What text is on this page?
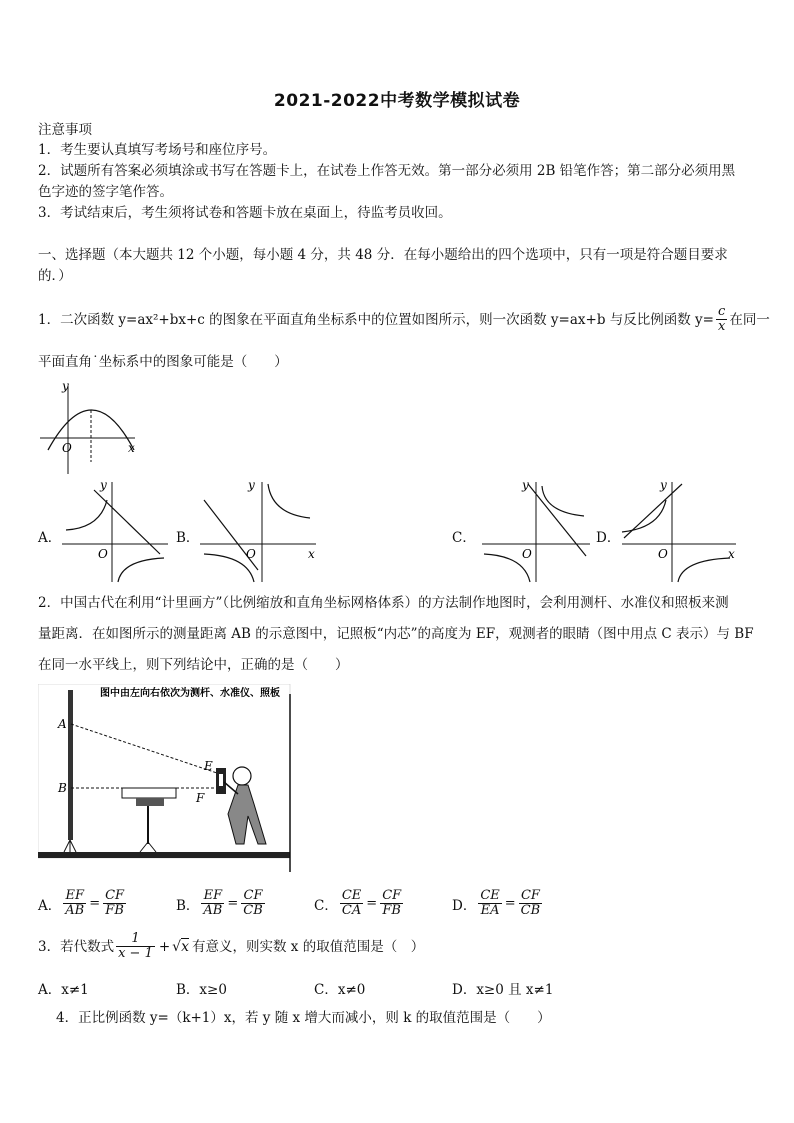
2021-2022中考数学模拟试卷
注意事项
1．考生要认真填写考场号和座位序号。
2．试题所有答案必须填涂或书写在答题卡上，在试卷上作答无效。第一部分必须用 2B 铅笔作答；第二部分必须用黑
色字迹的签字笔作答。
3．考试结束后，考生须将试卷和答题卡放在桌面上，待监考员收回。
一、选择题（本大题共 12 个小题，每小题 4 分，共 48 分．在每小题给出的四个选项中，只有一项是符合题目要求
的．）
1．二次函数 y=ax²+bx+c 的图象在平面直角坐标系中的位置如图所示，则一次函数 y=ax+b 与反比例函数 $y= \frac{c}{x}$ 在同一
平面直角˙坐标系中的图象可能是（　　）
y
x
O
A．
y
O
B．
y
O	x
C．
y
O
D．
y
O	x
2．中国古代在利用“计里画方”（比例缩放和直角坐标网格体系）的方法制作地图时，会利用测杆、水准仪和照板来测
量距离．在如图所示的测量距离 AB 的示意图中，记照板“内芯”的高度为 EF，观测者的眼睛（图中用点 C 表示）与 BF
在同一水平线上，则下列结论中，正确的是（　　）
图中由左向右依次为测杆、水准仪、照板
A
B
E
F
A． $\frac{EF}{AB} = \frac{CF}{FB}$	B． $\frac{EF}{AB} = \frac{CF}{CB}$	C． $\frac{CE}{CA} = \frac{CF}{FB}$	D． $\frac{CE}{EA} = \frac{CF}{CB}$
3．若代数式 $\frac{1}{x - 1} + √x$ 有意义，则实数 x 的取值范围是（　）
A．x≠1	B．x≥0	C．x≠0	D．x≥0 且 x≠1
4．正比例函数 y=（k+1）x，若 y 随 x 增大而减小，则 k 的取值范围是（　　）
